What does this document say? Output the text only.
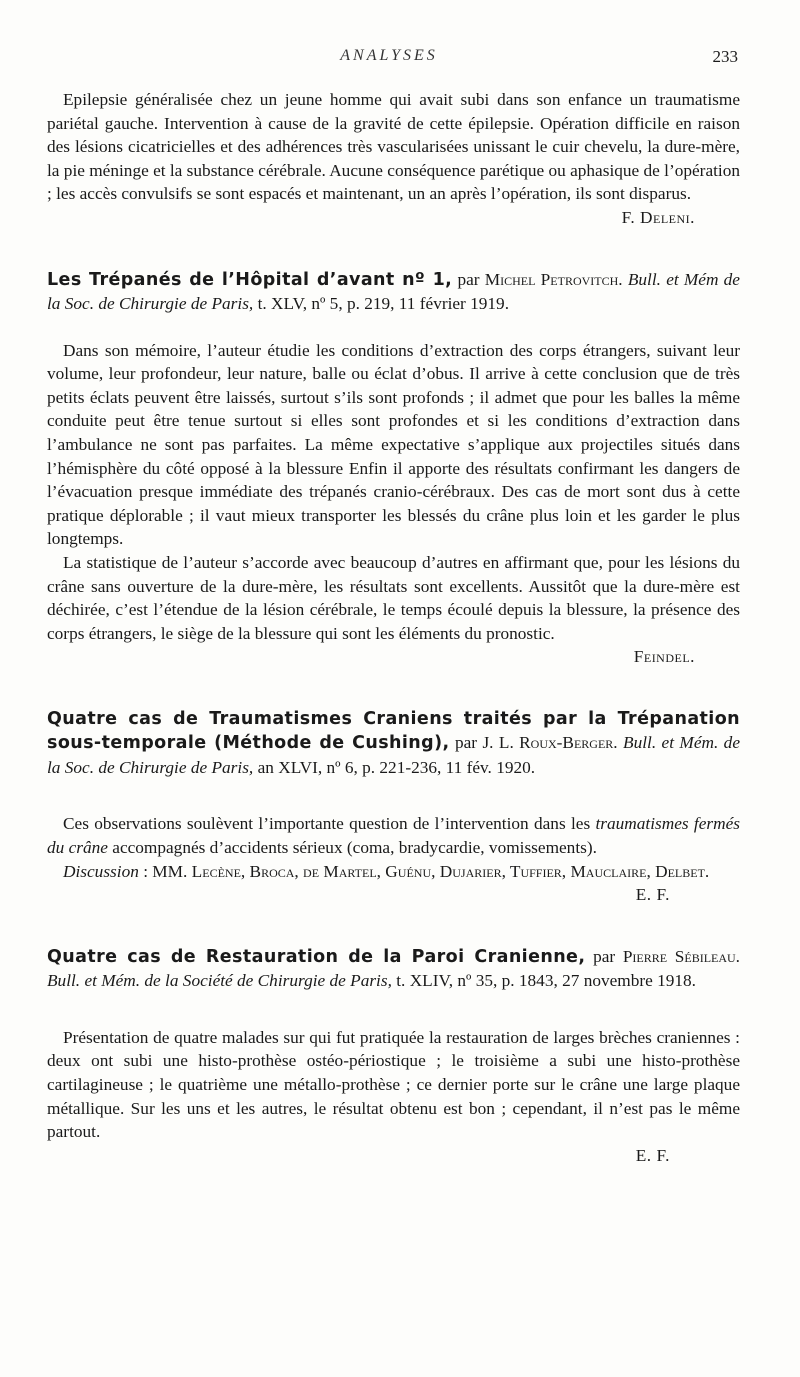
ANALYSES	233

Epilepsie généralisée chez un jeune homme qui avait subi dans son enfance un traumatisme pariétal gauche. Intervention à cause de la gravité de cette épilepsie. Opération difficile en raison des lésions cicatricielles et des adhérences très vascularisées unissant le cuir chevelu, la dure-mère, la pie méninge et la substance cérébrale. Aucune conséquence parétique ou aphasique de l’opération ; les accès convulsifs se sont espacés et maintenant, un an après l’opération, ils sont disparus.

F. Deleni.

Les Trépanés de l’Hôpital d’avant nº 1, par Michel Petrovitch. Bull. et Mém de la Soc. de Chirurgie de Paris, t. XLV, nº 5, p. 219, 11 février 1919.

Dans son mémoire, l’auteur étudie les conditions d’extraction des corps étrangers, suivant leur volume, leur profondeur, leur nature, balle ou éclat d’obus. Il arrive à cette conclusion que de très petits éclats peuvent être laissés, surtout s’ils sont profonds ; il admet que pour les balles la même conduite peut être tenue surtout si elles sont profondes et si les conditions d’extraction dans l’ambulance ne sont pas parfaites. La même expectative s’applique aux projectiles situés dans l’hémisphère du côté opposé à la blessure Enfin il apporte des résultats confirmant les dangers de l’évacuation presque immédiate des trépanés cranio-cérébraux. Des cas de mort sont dus à cette pratique déplorable ; il vaut mieux transporter les blessés du crâne plus loin et les garder le plus longtemps.

La statistique de l’auteur s’accorde avec beaucoup d’autres en affirmant que, pour les lésions du crâne sans ouverture de la dure-mère, les résultats sont excellents. Aussitôt que la dure-mère est déchirée, c’est l’étendue de la lésion cérébrale, le temps écoulé depuis la blessure, la présence des corps étrangers, le siège de la blessure qui sont les éléments du pronostic.

Feindel.

Quatre cas de Traumatismes Craniens traités par la Trépanation sous-temporale (Méthode de Cushing), par J. L. Roux-Berger. Bull. et Mém. de la Soc. de Chirurgie de Paris, an XLVI, nº 6, p. 221-236, 11 fév. 1920.

Ces observations soulèvent l’importante question de l’intervention dans les traumatismes fermés du crâne accompagnés d’accidents sérieux (coma, bradycardie, vomissements).

Discussion : MM. Lecène, Broca, de Martel, Guénu, Dujarier, Tuffier, Mauclaire, Delbet.

E. F.

Quatre cas de Restauration de la Paroi Cranienne, par Pierre Sébileau. Bull. et Mém. de la Société de Chirurgie de Paris, t. XLIV, nº 35, p. 1843, 27 novembre 1918.

Présentation de quatre malades sur qui fut pratiquée la restauration de larges brèches craniennes : deux ont subi une histo-prothèse ostéo-périostique ; le troisième a subi une histo-prothèse cartilagineuse ; le quatrième une métallo-prothèse ; ce dernier porte sur le crâne une large plaque métallique. Sur les uns et les autres, le résultat obtenu est bon ; cependant, il n’est pas le même partout.

E. F.
